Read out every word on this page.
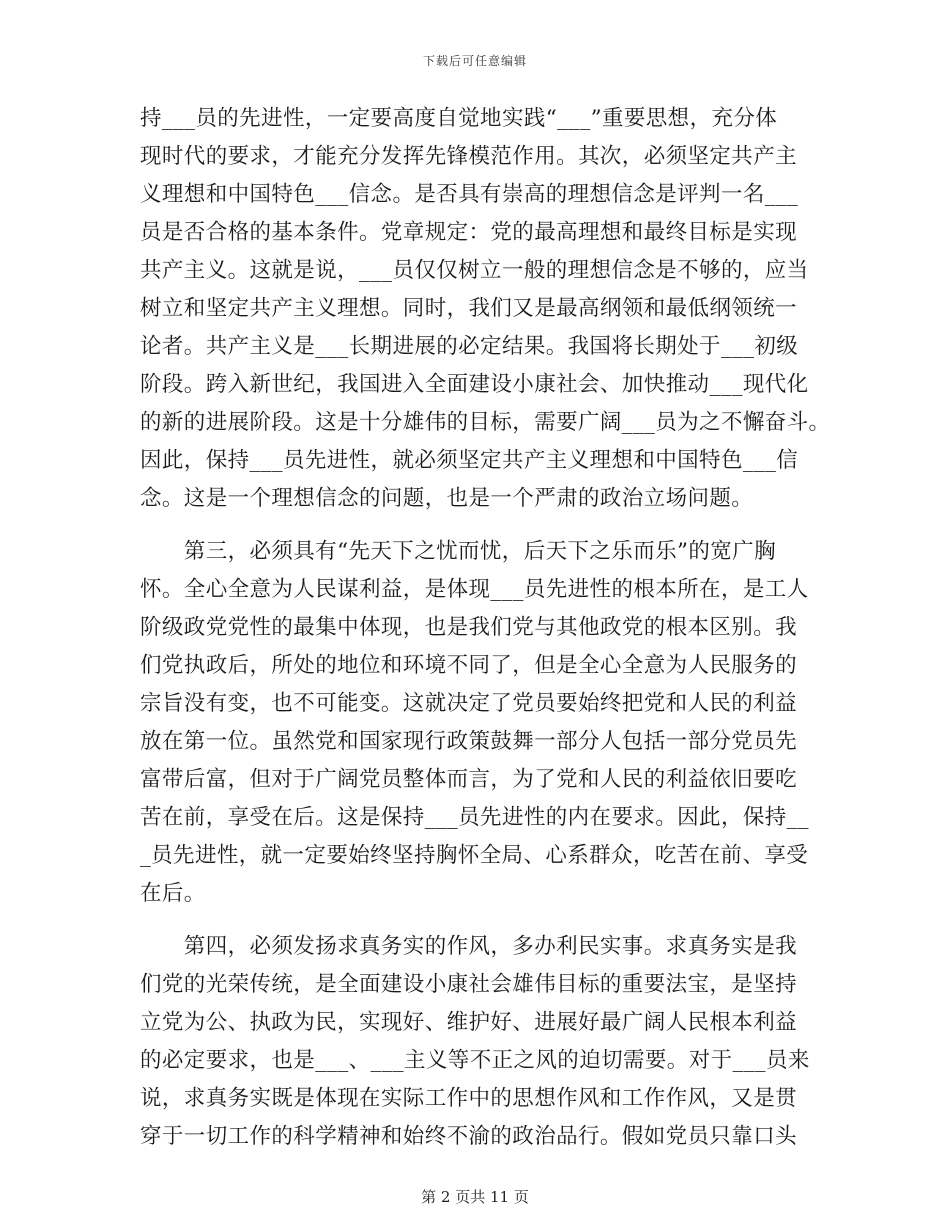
下载后可任意编辑
持___员的先进性，一定要高度自觉地实践“___”重要思想，充分体
现时代的要求，才能充分发挥先锋模范作用。其次，必须坚定共产主
义理想和中国特色___信念。是否具有崇高的理想信念是评判一名___
员是否合格的基本条件。党章规定：党的最高理想和最终目标是实现
共产主义。这就是说，___员仅仅树立一般的理想信念是不够的，应当
树立和坚定共产主义理想。同时，我们又是最高纲领和最低纲领统一
论者。共产主义是___长期进展的必定结果。我国将长期处于___初级
阶段。跨入新世纪，我国进入全面建设小康社会、加快推动___现代化
的新的进展阶段。这是十分雄伟的目标，需要广阔___员为之不懈奋斗。
因此，保持___员先进性，就必须坚定共产主义理想和中国特色___信
念。这是一个理想信念的问题，也是一个严肃的政治立场问题。
　　第三，必须具有“先天下之忧而忧，后天下之乐而乐”的宽广胸
怀。全心全意为人民谋利益，是体现___员先进性的根本所在，是工人
阶级政党党性的最集中体现，也是我们党与其他政党的根本区别。我
们党执政后，所处的地位和环境不同了，但是全心全意为人民服务的
宗旨没有变，也不可能变。这就决定了党员要始终把党和人民的利益
放在第一位。虽然党和国家现行政策鼓舞一部分人包括一部分党员先
富带后富，但对于广阔党员整体而言，为了党和人民的利益依旧要吃
苦在前，享受在后。这是保持___员先进性的内在要求。因此，保持__
_员先进性，就一定要始终坚持胸怀全局、心系群众，吃苦在前、享受
在后。
　　第四，必须发扬求真务实的作风，多办利民实事。求真务实是我
们党的光荣传统，是全面建设小康社会雄伟目标的重要法宝，是坚持
立党为公、执政为民，实现好、维护好、进展好最广阔人民根本利益
的必定要求，也是___、___主义等不正之风的迫切需要。对于___员来
说，求真务实既是体现在实际工作中的思想作风和工作作风，又是贯
穿于一切工作的科学精神和始终不渝的政治品行。假如党员只靠口头
第 2 页共 11 页
